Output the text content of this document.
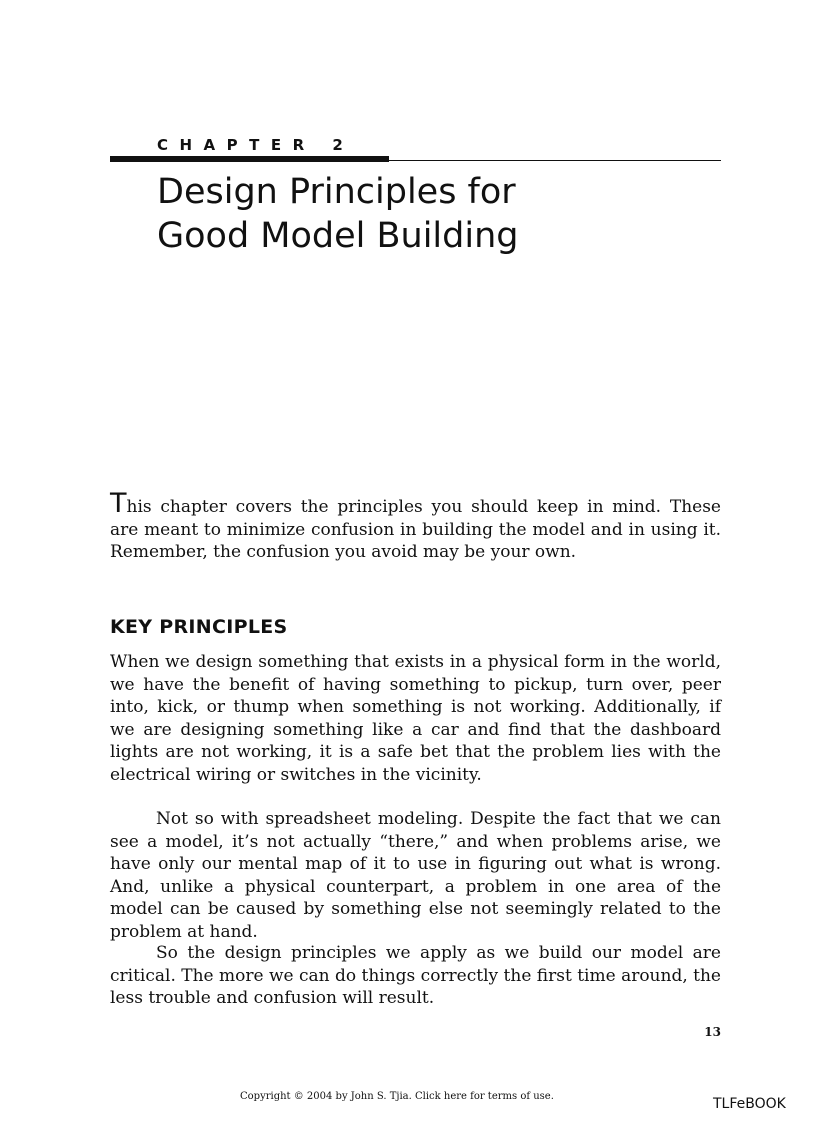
CHAPTER 2
Design Principles for
Good Model Building

This chapter covers the principles you should keep in mind. These are meant to minimize confusion in building the model and in using it. Remember, the confusion you avoid may be your own.

KEY PRINCIPLES

When we design something that exists in a physical form in the world, we have the benefit of having something to pickup, turn over, peer into, kick, or thump when something is not working. Additionally, if we are designing something like a car and find that the dashboard lights are not working, it is a safe bet that the problem lies with the electrical wiring or switches in the vicinity.

Not so with spreadsheet modeling. Despite the fact that we can see a model, it’s not actually “there,” and when problems arise, we have only our mental map of it to use in figuring out what is wrong. And, unlike a physical counterpart, a problem in one area of the model can be caused by something else not seemingly related to the problem at hand.

So the design principles we apply as we build our model are critical. The more we can do things correctly the first time around, the less trouble and confusion will result.

13
Copyright © 2004 by John S. Tjia. Click here for terms of use.	TLFeBOOK
